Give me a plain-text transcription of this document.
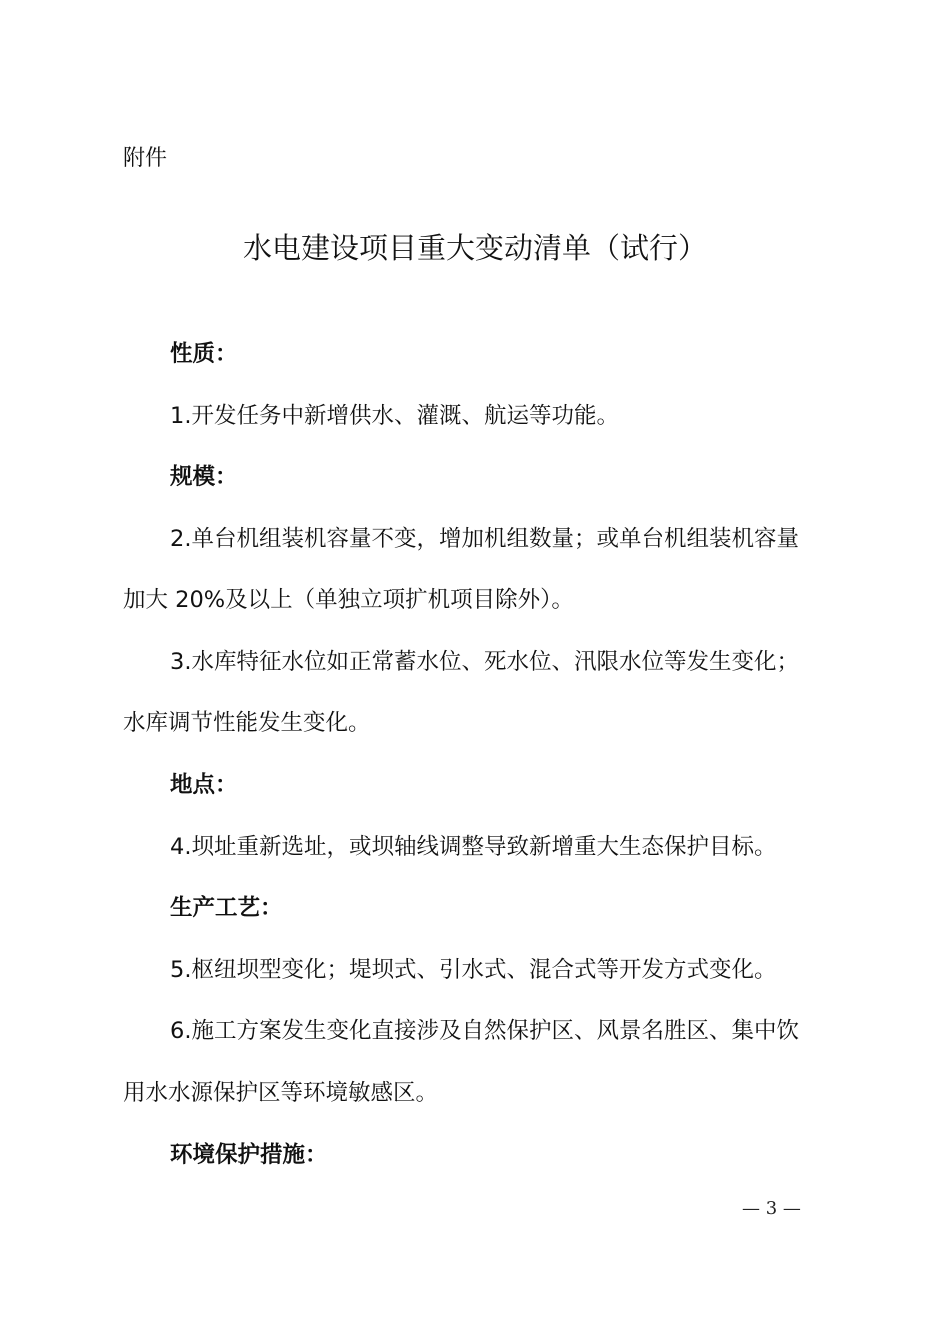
附件
水电建设项目重大变动清单（试行）
性质：
1.开发任务中新增供水、灌溉、航运等功能。
规模：
2.单台机组装机容量不变，增加机组数量；或单台机组装机容量
加大 20%及以上（单独立项扩机项目除外）。
3.水库特征水位如正常蓄水位、死水位、汛限水位等发生变化；
水库调节性能发生变化。
地点：
4.坝址重新选址，或坝轴线调整导致新增重大生态保护目标。
生产工艺：
5.枢纽坝型变化；堤坝式、引水式、混合式等开发方式变化。
6.施工方案发生变化直接涉及自然保护区、风景名胜区、集中饮
用水水源保护区等环境敏感区。
环境保护措施：
— 3 —
